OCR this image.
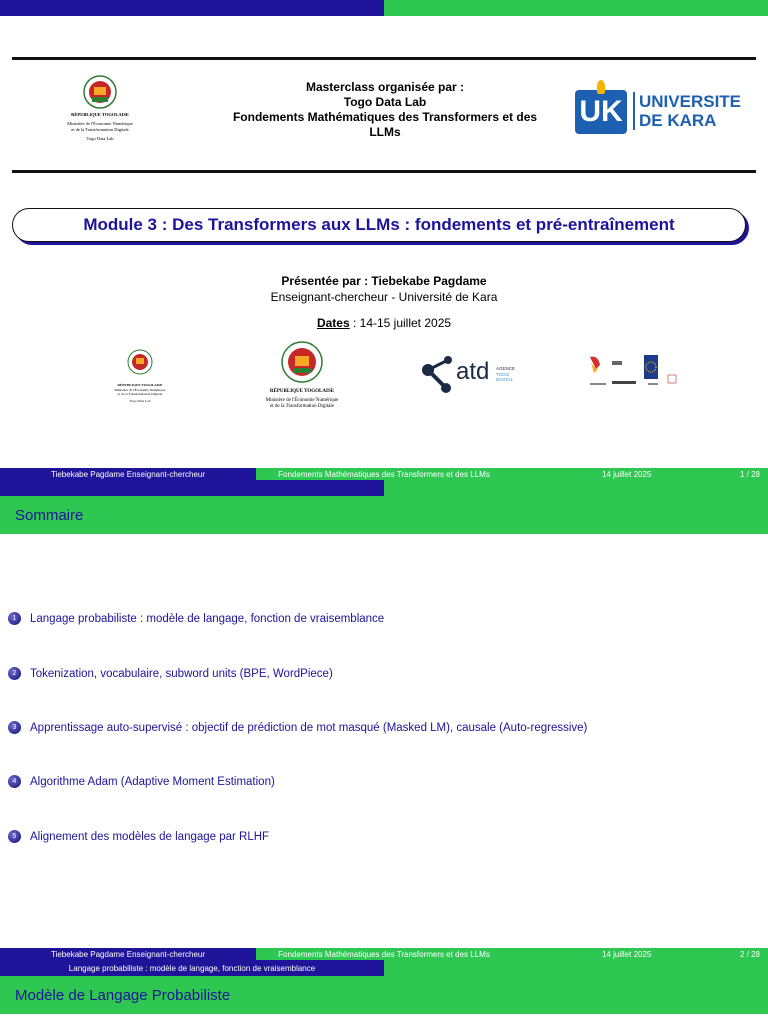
RÉPUBLIQUE TOGOLAISE
Ministère de l'Économie Numérique
et de la Transformation Digitale
Togo Data Lab
Masterclass organisée par :
Togo Data Lab
Fondements Mathématiques des Transformers et des
LLMs
UK UNIVERSITE
DE KARA
Module 3 : Des Transformers aux LLMs : fondements et pré-entraînement
Présentée par : Tiebekabe Pagdame
Enseignant-chercheur - Université de Kara
Dates : 14-15 juillet 2025
RÉPUBLIQUE TOGOLAISE
Ministère de l'Économie Numérique
et de la Transformation Digitale
Togo Data Lab
RÉPUBLIQUE TOGOLAISE
Ministère de l'Économie Numérique
et de la Transformation Digitale
atd AGENCE
TOGO
DIGITAL
Tiebekabe Pagdame Enseignant-chercheur	Fondements Mathématiques des Transformers et des LLMs	14 juillet 2025	1 / 28
Sommaire
1	Langage probabiliste : modèle de langage, fonction de vraisemblance
2	Tokenization, vocabulaire, subword units (BPE, WordPiece)
3	Apprentissage auto-supervisé : objectif de prédiction de mot masqué (Masked LM), causale (Auto-regressive)
4	Algorithme Adam (Adaptive Moment Estimation)
5	Alignement des modèles de langage par RLHF
Tiebekabe Pagdame Enseignant-chercheur	Fondements Mathématiques des Transformers et des LLMs	14 juillet 2025	2 / 28
Langage probabiliste : modèle de langage, fonction de vraisemblance
Modèle de Langage Probabiliste
